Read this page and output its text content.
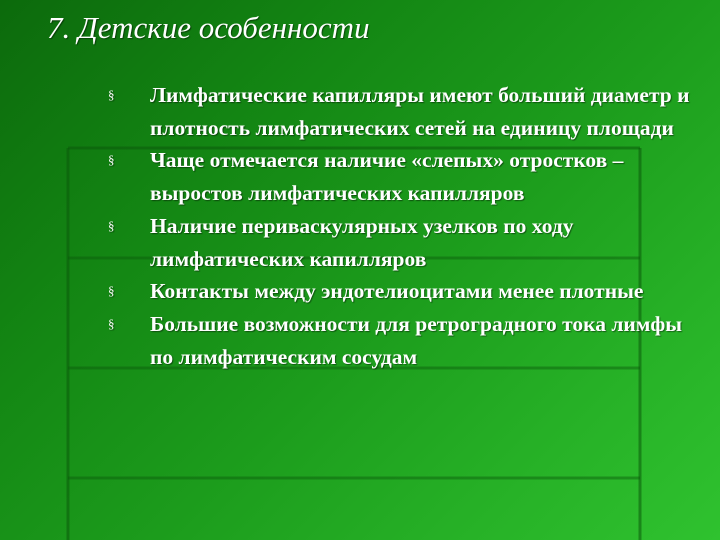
7. Детские особенности
§ Лимфатические капилляры имеют больший диаметр и плотность лимфатических сетей на единицу площади
§ Чаще отмечается наличие «слепых» отростков – выростов лимфатических капилляров
§ Наличие периваскулярных узелков по ходу лимфатических капилляров
§ Контакты между эндотелиоцитами менее плотные
§ Большие возможности для ретроградного тока лимфы по лимфатическим сосудам
